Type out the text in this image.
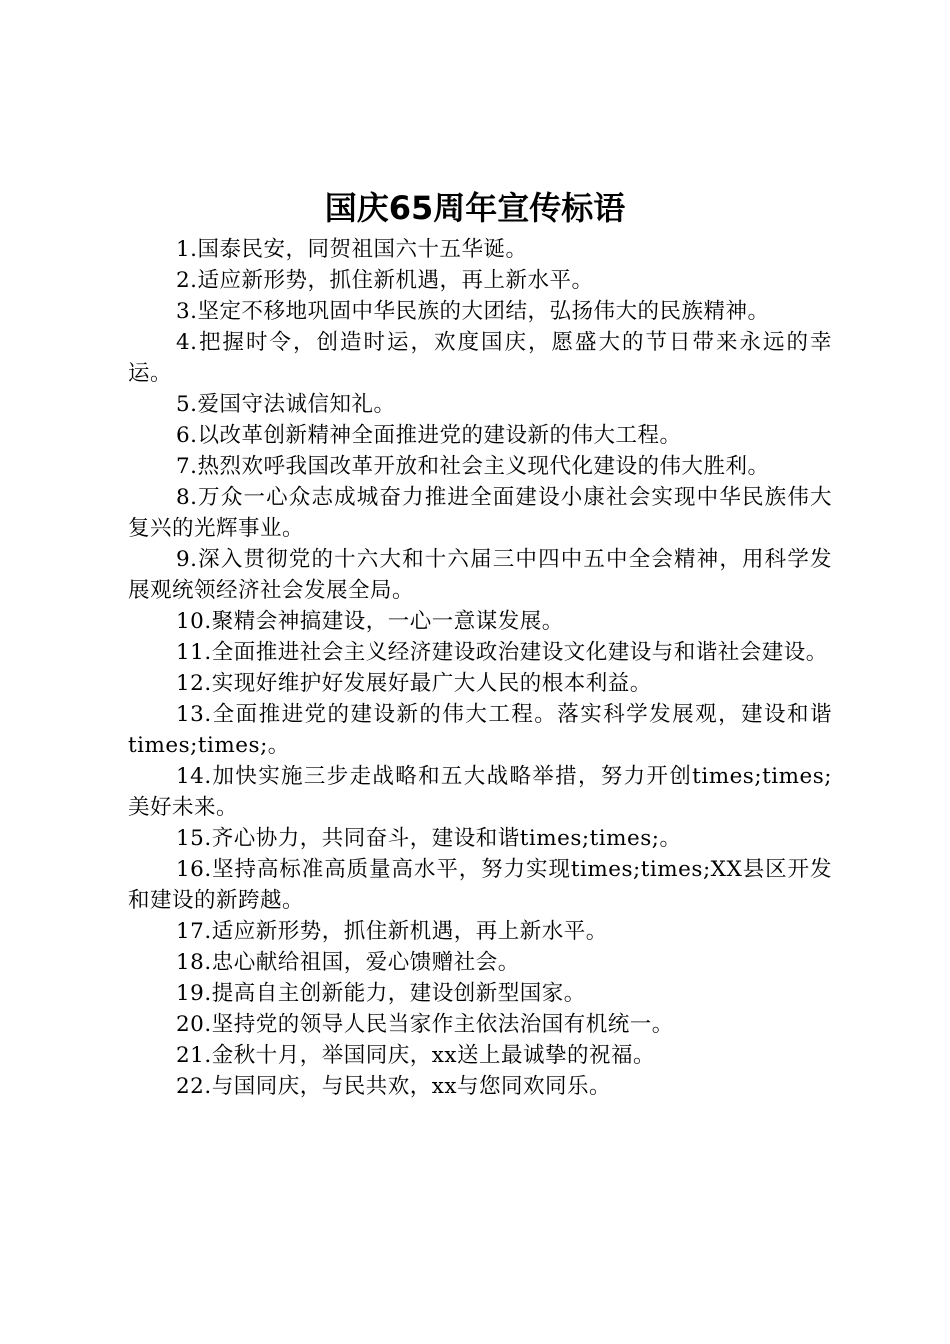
国庆65周年宣传标语

1.国泰民安，同贺祖国六十五华诞。

2.适应新形势，抓住新机遇，再上新水平。

3.坚定不移地巩固中华民族的大团结，弘扬伟大的民族精神。

4.把握时令，创造时运，欢度国庆，愿盛大的节日带来永远的幸运。

5.爱国守法诚信知礼。

6.以改革创新精神全面推进党的建设新的伟大工程。

7.热烈欢呼我国改革开放和社会主义现代化建设的伟大胜利。

8.万众一心众志成城奋力推进全面建设小康社会实现中华民族伟大复兴的光辉事业。

9.深入贯彻党的十六大和十六届三中四中五中全会精神，用科学发展观统领经济社会发展全局。

10.聚精会神搞建设，一心一意谋发展。

11.全面推进社会主义经济建设政治建设文化建设与和谐社会建设。

12.实现好维护好发展好最广大人民的根本利益。

13.全面推进党的建设新的伟大工程。落实科学发展观，建设和谐times;times;。

14.加快实施三步走战略和五大战略举措，努力开创times;times;美好未来。

15.齐心协力，共同奋斗，建设和谐times;times;。

16.坚持高标准高质量高水平，努力实现times;times;XX县区开发和建设的新跨越。

17.适应新形势，抓住新机遇，再上新水平。

18.忠心献给祖国，爱心馈赠社会。

19.提高自主创新能力，建设创新型国家。

20.坚持党的领导人民当家作主依法治国有机统一。

21.金秋十月，举国同庆，xx送上最诚挚的祝福。

22.与国同庆，与民共欢，xx与您同欢同乐。
